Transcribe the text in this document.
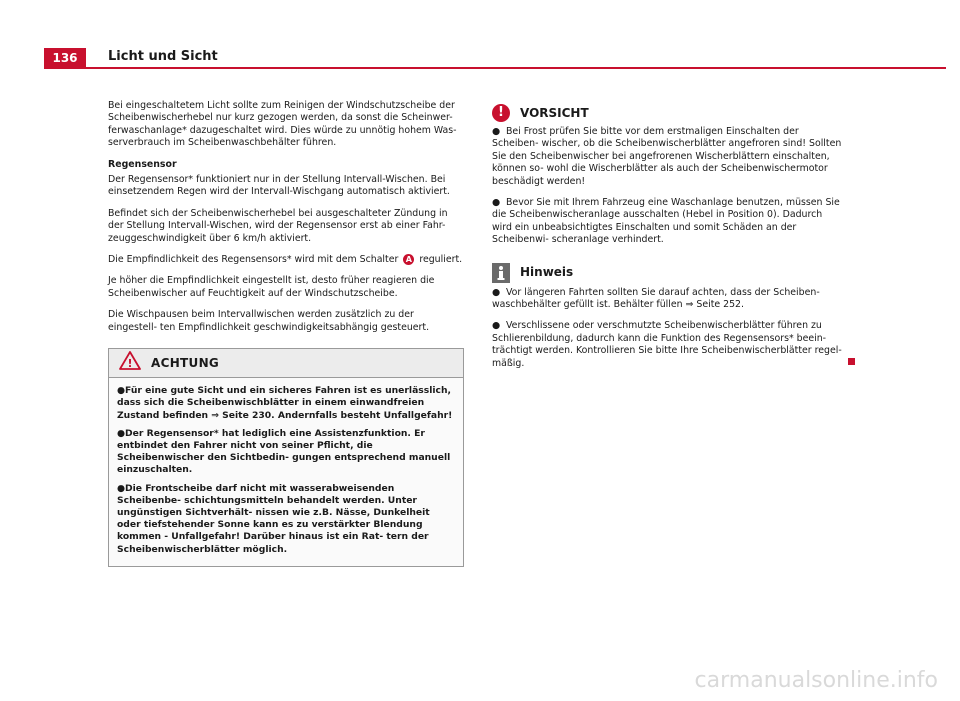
136	Licht und Sicht

Bei eingeschaltetem Licht sollte zum Reinigen der Windschutzscheibe der Scheibenwischerhebel nur kurz gezogen werden, da sonst die Scheinwer- ferwaschanlage* dazugeschaltet wird. Dies würde zu unnötig hohem Was- serverbrauch im Scheibenwaschbehälter führen.

Regensensor

Der Regensensor* funktioniert nur in der Stellung Intervall-Wischen. Bei einsetzendem Regen wird der Intervall-Wischgang automatisch aktiviert.

Befindet sich der Scheibenwischerhebel bei ausgeschalteter Zündung in der Stellung Intervall-Wischen, wird der Regensensor erst ab einer Fahr- zeuggeschwindigkeit über 6 km/h aktiviert.

Die Empfindlichkeit des Regensensors* wird mit dem Schalter A reguliert.

Je höher die Empfindlichkeit eingestellt ist, desto früher reagieren die Scheibenwischer auf Feuchtigkeit auf der Windschutzscheibe.

Die Wischpausen beim Intervallwischen werden zusätzlich zu der eingestell- ten Empfindlichkeit geschwindigkeitsabhängig gesteuert.

! ACHTUNG

●Für eine gute Sicht und ein sicheres Fahren ist es unerlässlich, dass sich die Scheibenwischblätter in einem einwandfreien Zustand befinden ⇒ Seite 230. Andernfalls besteht Unfallgefahr!

●Der Regensensor* hat lediglich eine Assistenzfunktion. Er entbindet den Fahrer nicht von seiner Pflicht, die Scheibenwischer den Sichtbedin- gungen entsprechend manuell einzuschalten.

●Die Frontscheibe darf nicht mit wasserabweisenden Scheibenbe- schichtungsmitteln behandelt werden. Unter ungünstigen Sichtverhält- nissen wie z.B. Nässe, Dunkelheit oder tiefstehender Sonne kann es zu verstärkter Blendung kommen - Unfallgefahr! Darüber hinaus ist ein Rat- tern der Scheibenwischerblätter möglich.

!	VORSICHT

● Bei Frost prüfen Sie bitte vor dem erstmaligen Einschalten der Scheiben- wischer, ob die Scheibenwischerblätter angefroren sind! Sollten Sie den Scheibenwischer bei angefrorenen Wischerblättern einschalten, können so- wohl die Wischerblätter als auch der Scheibenwischermotor beschädigt werden!

● Bevor Sie mit Ihrem Fahrzeug eine Waschanlage benutzen, müssen Sie die Scheibenwischeranlage ausschalten (Hebel in Position 0). Dadurch wird ein unbeabsichtigtes Einschalten und somit Schäden an der Scheibenwi- scheranlage verhindert.

Hinweis

● Vor längeren Fahrten sollten Sie darauf achten, dass der Scheiben- waschbehälter gefüllt ist. Behälter füllen ⇒ Seite 252.

● Verschlissene oder verschmutzte Scheibenwischerblätter führen zu Schlierenbildung, dadurch kann die Funktion des Regensensors* beein- trächtigt werden. Kontrollieren Sie bitte Ihre Scheibenwischerblätter regel- mäßig.

carmanualsonline.info
